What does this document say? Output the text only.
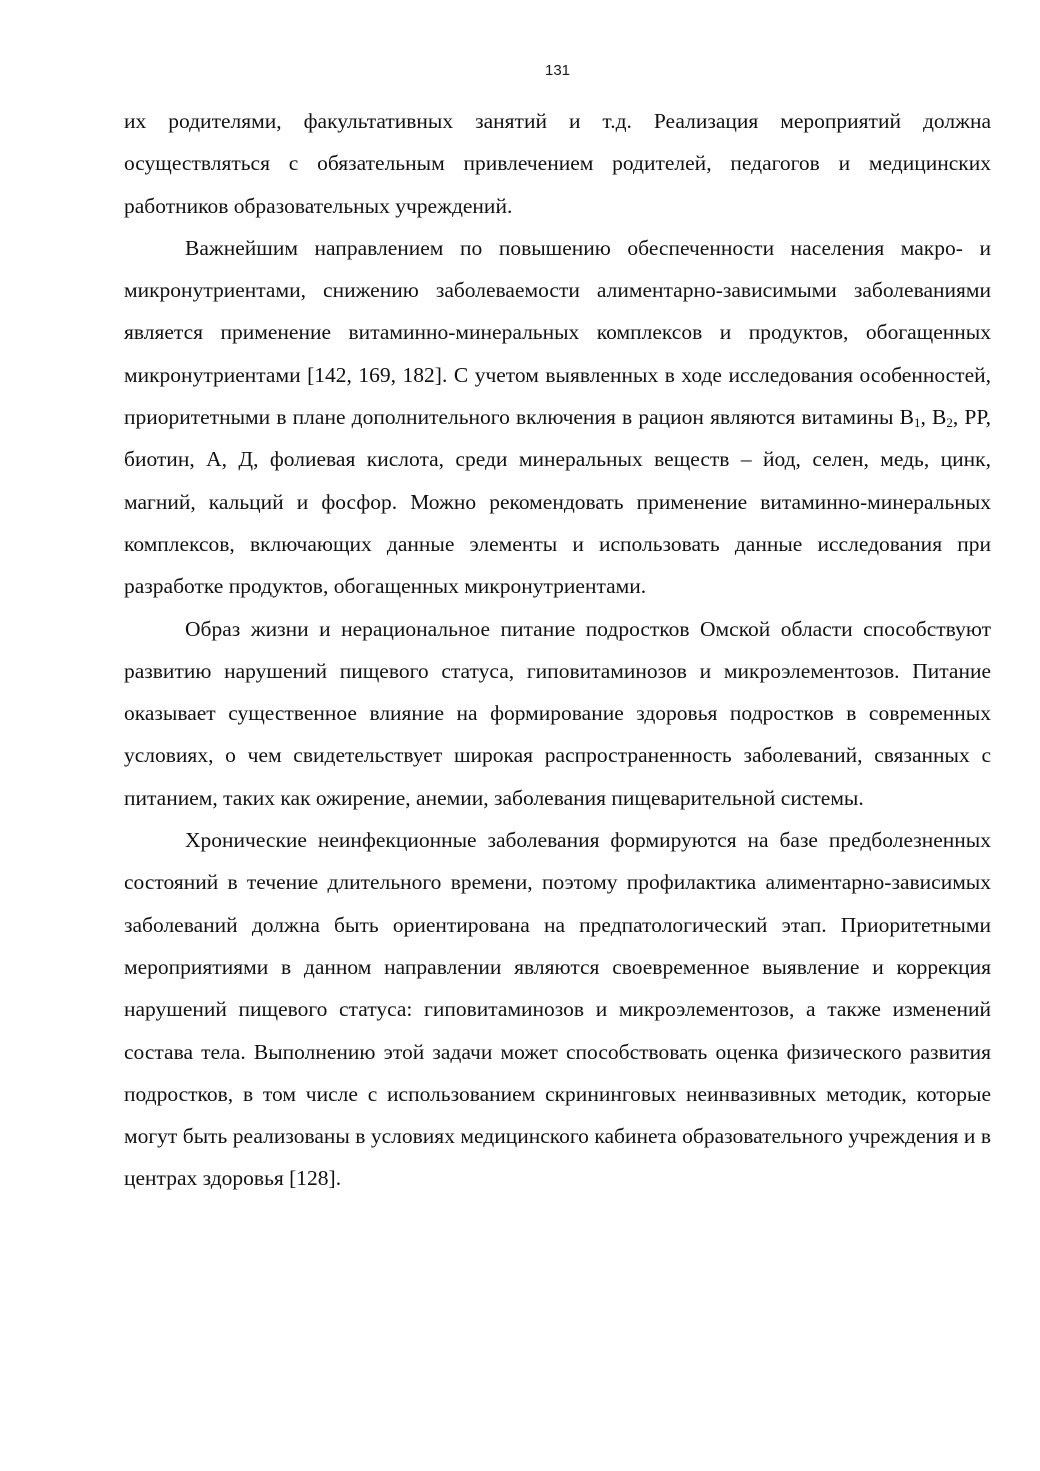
131

их родителями, факультативных занятий и т.д. Реализация мероприятий должна осуществляться с обязательным привлечением родителей, педагогов и медицинских работников образовательных учреждений.

Важнейшим направлением по повышению обеспеченности населения макро- и микронутриентами, снижению заболеваемости алиментарно-зависимыми заболеваниями является применение витаминно-минеральных комплексов и продуктов, обогащенных микронутриентами [142, 169, 182]. С учетом выявленных в ходе исследования особенностей, приоритетными в плане дополнительного включения в рацион являются витамины $В_1$, $В_2$, РР, биотин, А, Д, фолиевая кислота, среди минеральных веществ – йод, селен, медь, цинк, магний, кальций и фосфор. Можно рекомендовать применение витаминно-минеральных комплексов, включающих данные элементы и использовать данные исследования при разработке продуктов, обогащенных микронутриентами.

Образ жизни и нерациональное питание подростков Омской области способствуют развитию нарушений пищевого статуса, гиповитаминозов и микроэлементозов. Питание оказывает существенное влияние на формирование здоровья подростков в современных условиях, о чем свидетельствует широкая распространенность заболеваний, связанных с питанием, таких как ожирение, анемии, заболевания пищеварительной системы.

Хронические неинфекционные заболевания формируются на базе предболезненных состояний в течение длительного времени, поэтому профилактика алиментарно-зависимых заболеваний должна быть ориентирована на предпатологический этап. Приоритетными мероприятиями в данном направлении являются своевременное выявление и коррекция нарушений пищевого статуса: гиповитаминозов и микроэлементозов, а также изменений состава тела. Выполнению этой задачи может способствовать оценка физического развития подростков, в том числе с использованием скрининговых неинвазивных методик, которые могут быть реализованы в условиях медицинского кабинета образовательного учреждения и в центрах здоровья [128].
